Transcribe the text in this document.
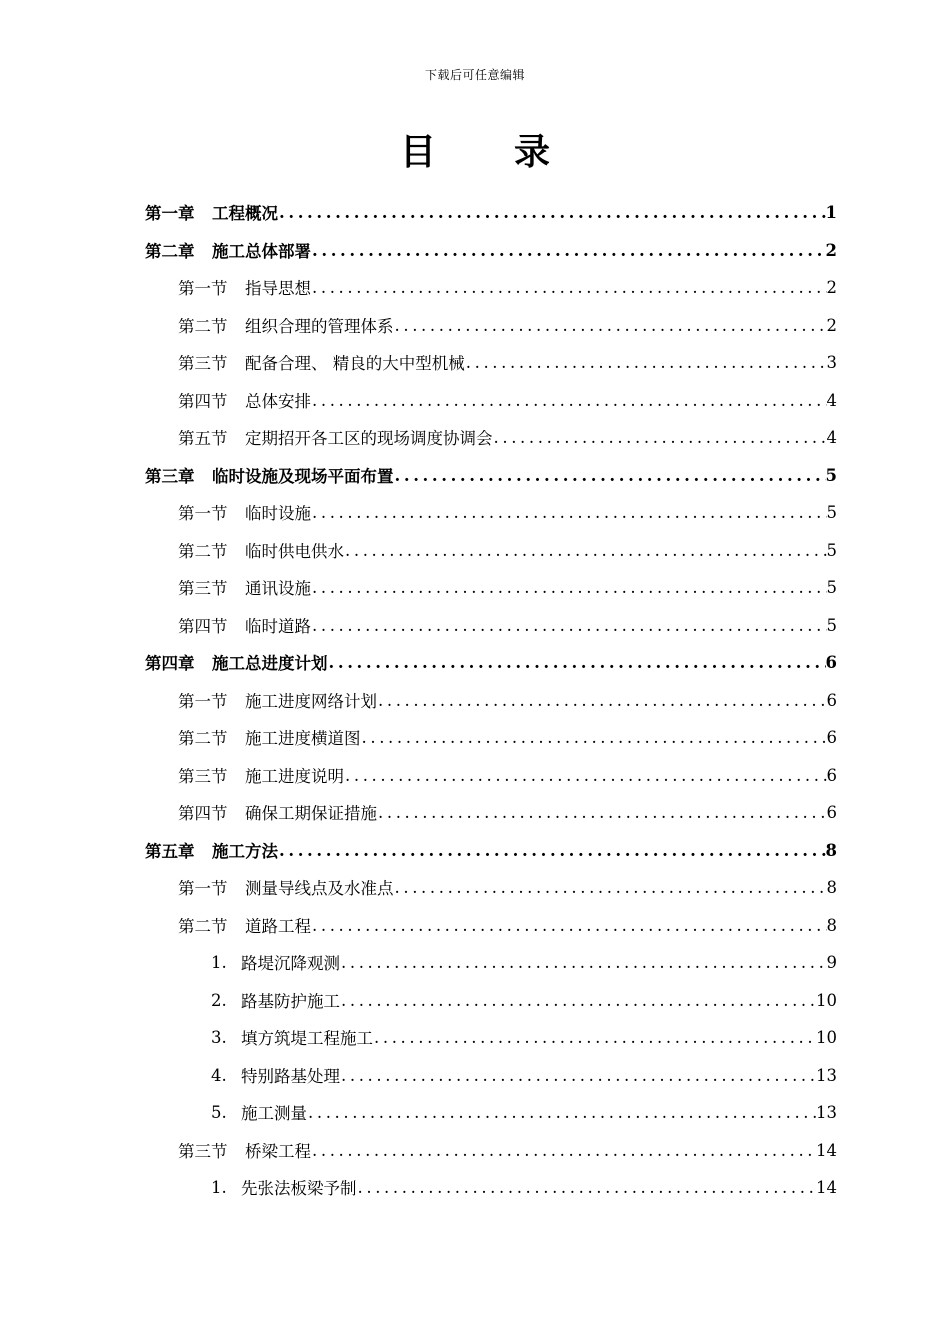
下载后可任意编辑
目 录
第一章	工程概况 .....	1
第二章	施工总体部署 .....	2
第一节	指导思想 .....	2
第二节	组织合理的管理体系 .....	2
第三节	配备合理、 精良的大中型机械 .....	3
第四节	总体安排 .....	4
第五节	定期招开各工区的现场调度协调会 .....	4
第三章	临时设施及现场平面布置 .....	5
第一节	临时设施 .....	5
第二节	临时供电供水 .....	5
第三节	通讯设施 .....	5
第四节	临时道路 .....	5
第四章	施工总进度计划 .....	6
第一节	施工进度网络计划 .....	6
第二节	施工进度横道图 .....	6
第三节	施工进度说明 .....	6
第四节	确保工期保证措施 .....	6
第五章	施工方法 .....	8
第一节	测量导线点及水准点 .....	8
第二节	道路工程 .....	8
1. 路堤沉降观测 .....	9
2. 路基防护施工 .....	10
3. 填方筑堤工程施工 .....	10
4. 特别路基处理 .....	13
5. 施工测量 .....	13
第三节	桥梁工程 .....	14
1. 先张法板梁予制 .....	14
